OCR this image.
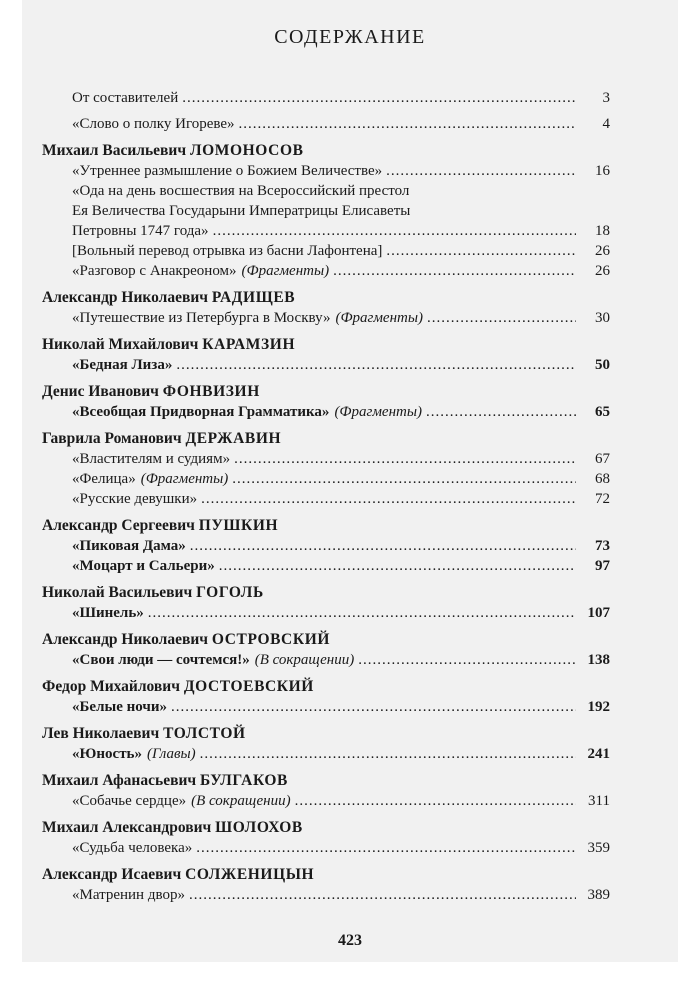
СОДЕРЖАНИЕ
От составителей .....	3
«Слово о полку Игореве» .....	4
Михаил Васильевич ЛОМОНОСОВ
«Утреннее размышление о Божием Величестве» .....	16
«Ода на день восшествия на Всероссийский престол
Ея Величества Государыни Императрицы Елисаветы
Петровны 1747 года» .....	18
[Вольный перевод отрывка из басни Лафонтена] .....	26
«Разговор с Анакреоном» (Фрагменты) .....	26
Александр Николаевич РАДИЩЕВ
«Путешествие из Петербурга в Москву» (Фрагменты) .....	30
Николай Михайлович КАРАМЗИН
«Бедная Лиза» .....	50
Денис Иванович ФОНВИЗИН
«Всеобщая Придворная Грамматика» (Фрагменты) .....	65
Гаврила Романович ДЕРЖАВИН
«Властителям и судиям» .....	67
«Фелица» (Фрагменты) .....	68
«Русские девушки» .....	72
Александр Сергеевич ПУШКИН
«Пиковая Дама» .....	73
«Моцарт и Сальери» .....	97
Николай Васильевич ГОГОЛЬ
«Шинель» .....	107
Александр Николаевич ОСТРОВСКИЙ
«Свои люди — сочтемся!» (В сокращении) .....	138
Федор Михайлович ДОСТОЕВСКИЙ
«Белые ночи» .....	192
Лев Николаевич ТОЛСТОЙ
«Юность» (Главы) .....	241
Михаил Афанасьевич БУЛГАКОВ
«Собачье сердце» (В сокращении) .....	311
Михаил Александрович ШОЛОХОВ
«Судьба человека» .....	359
Александр Исаевич СОЛЖЕНИЦЫН
«Матренин двор» .....	389
423
